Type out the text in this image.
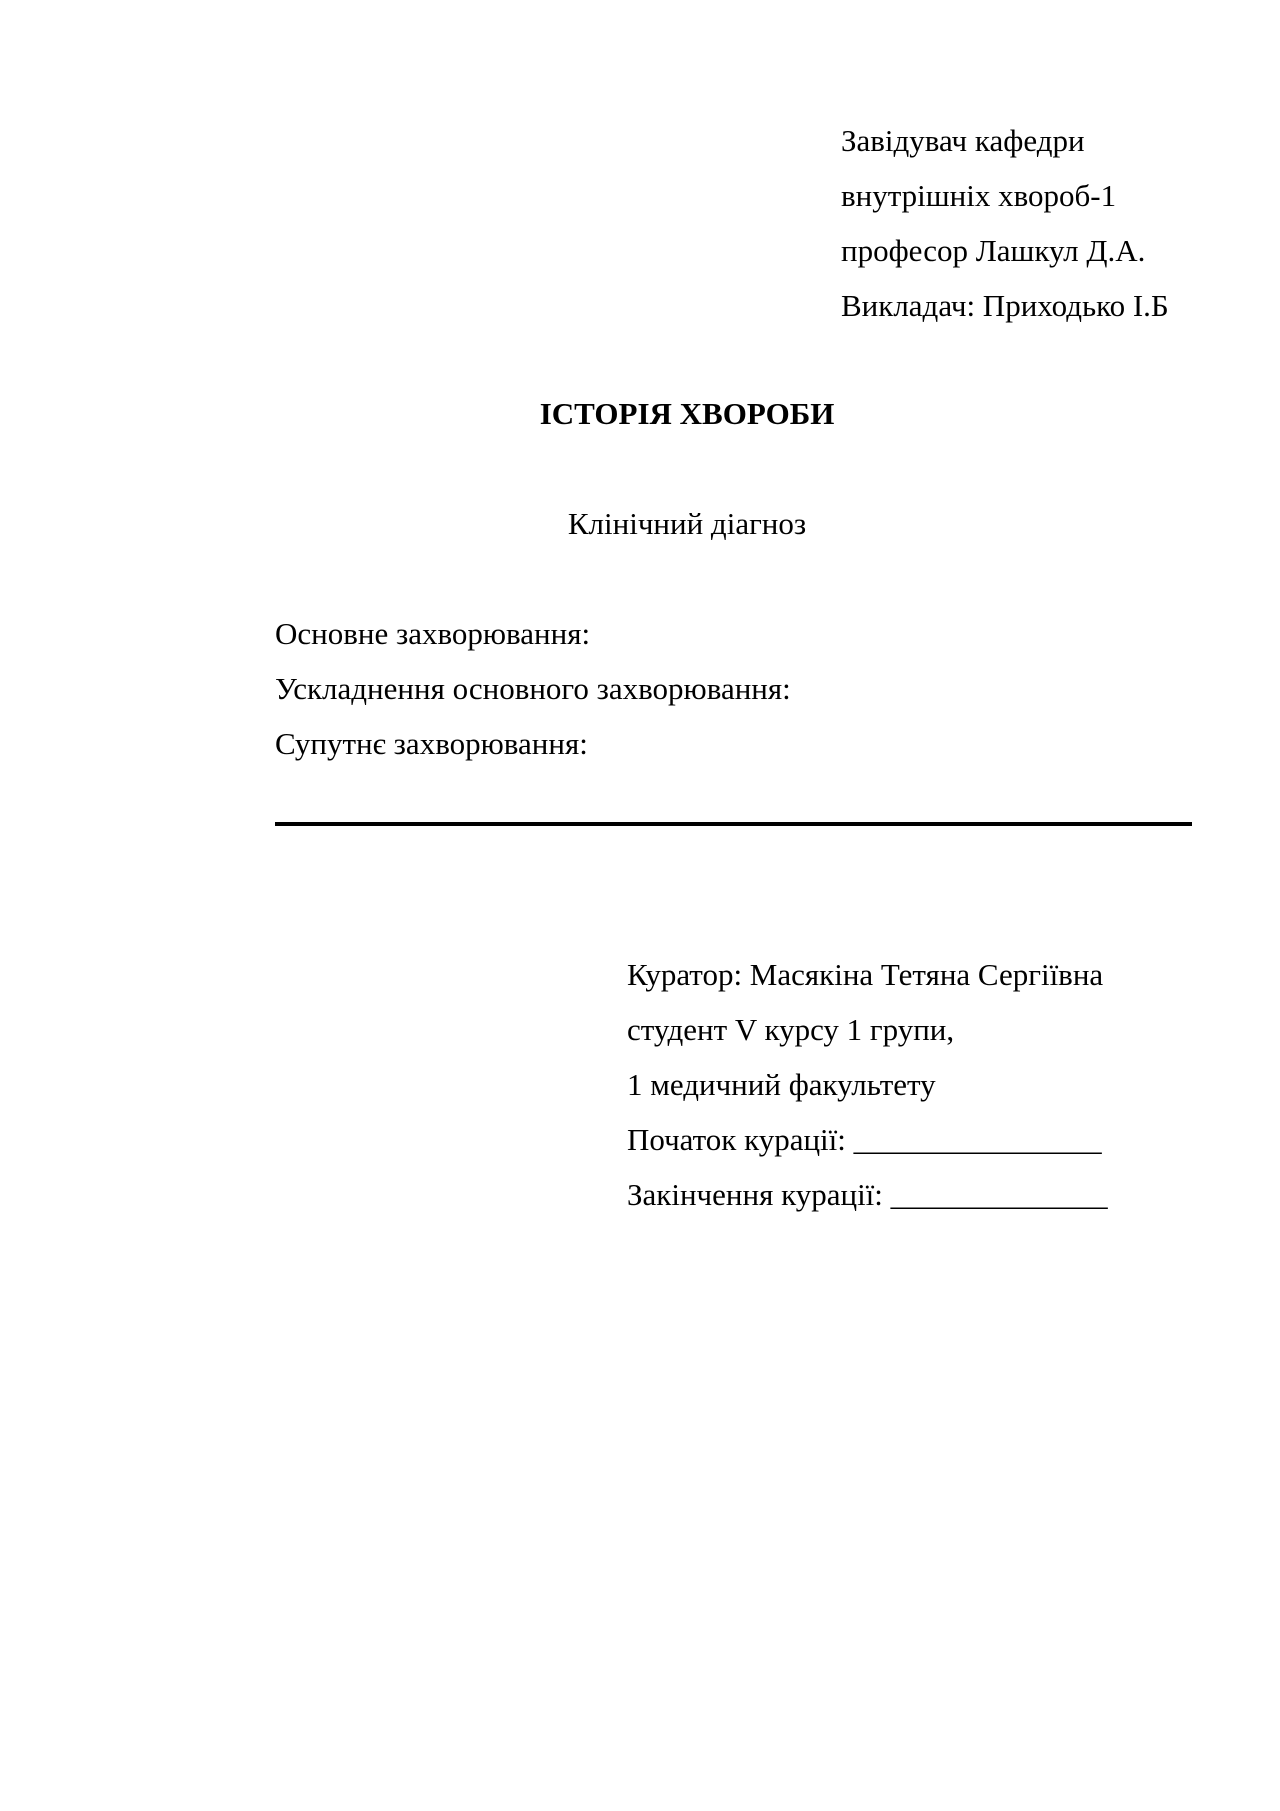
Завідувач кафедри
внутрішніх хвороб-1
професор Лашкул Д.А.
Викладач: Приходько І.Б
ІСТОРІЯ ХВОРОБИ
Клінічний діагноз
Основне захворювання:
Ускладнення основного захворювання:
Супутнє захворювання:
Куратор: Масякіна Тетяна Сергіївна
студент V курсу 1 групи,
1 медичний факультету
Початок курації: ________________
Закінчення курації: ______________
